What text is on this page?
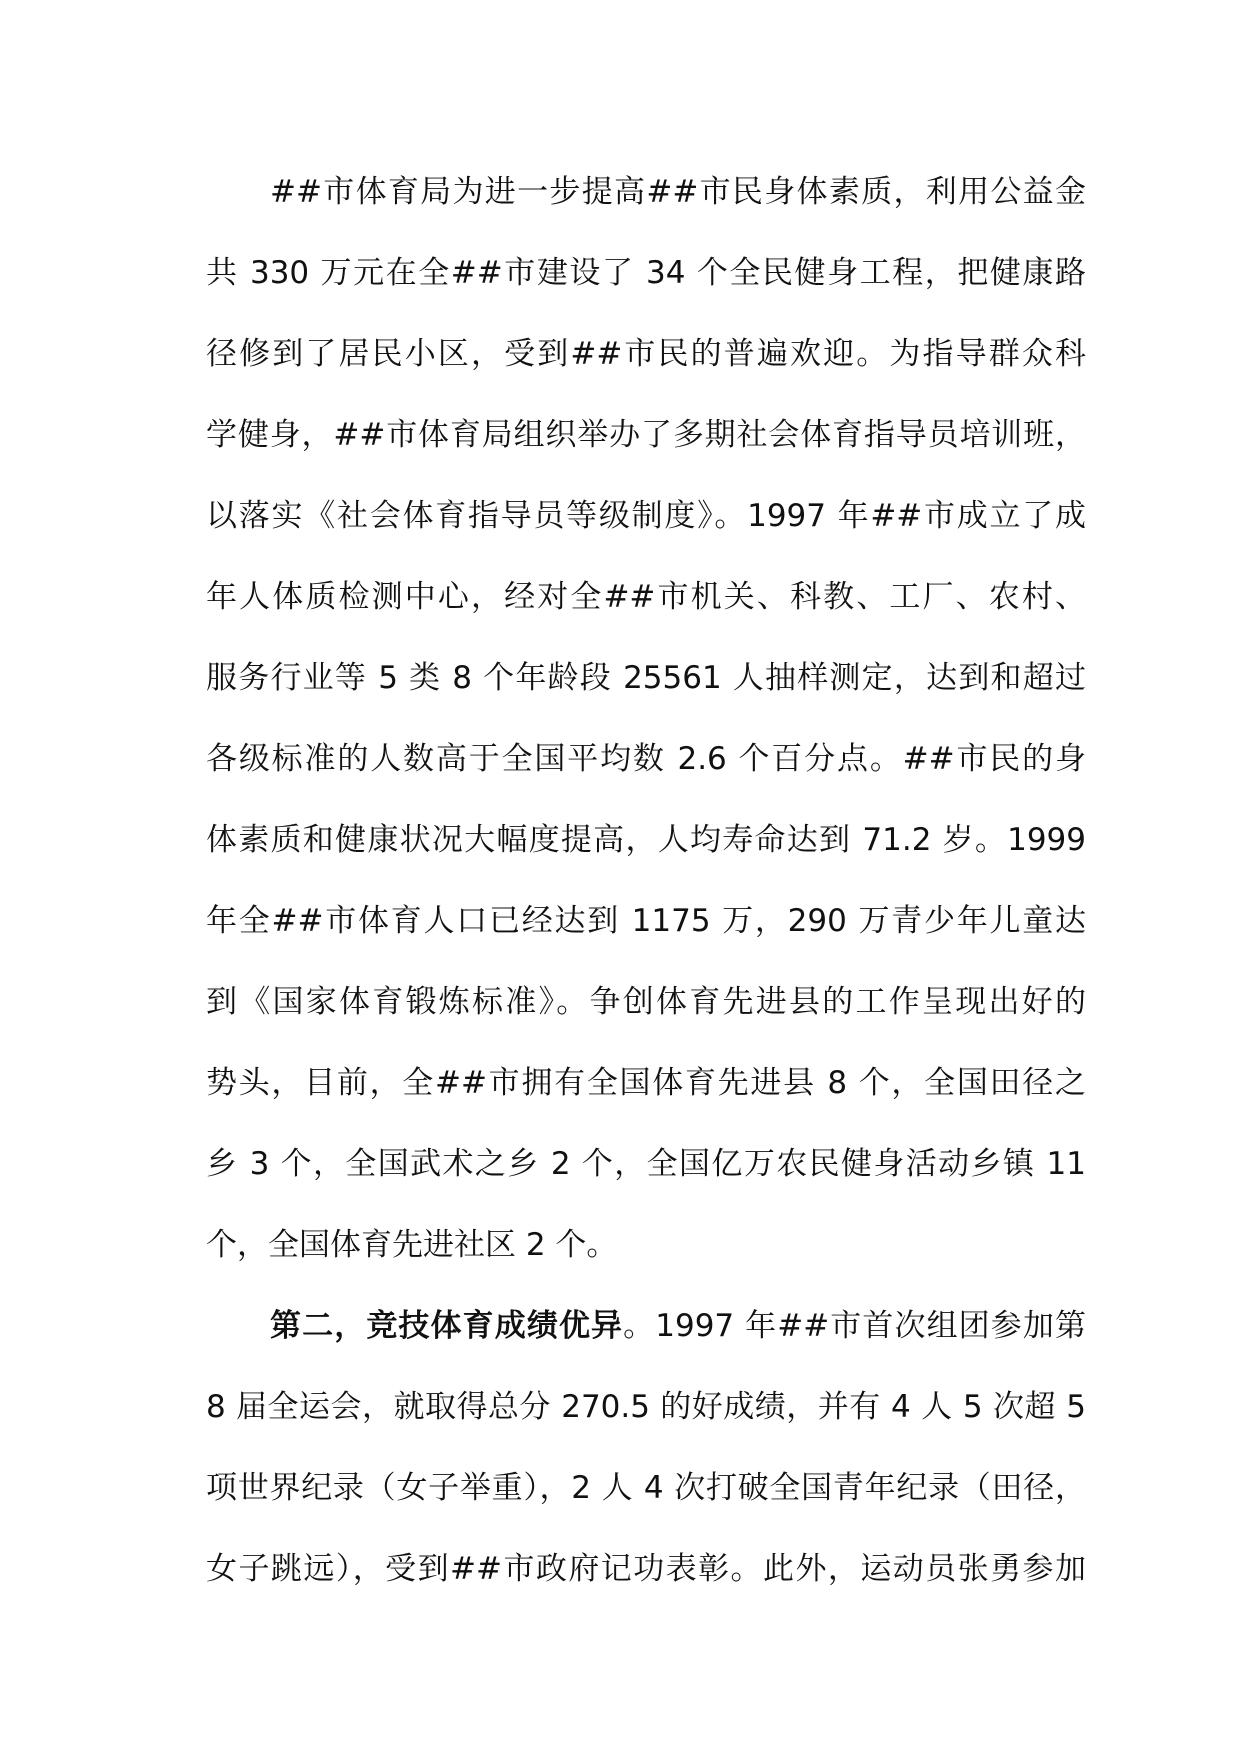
##市体育局为进一步提高##市民身体素质，利用公益金
共 330 万元在全##市建设了 34 个全民健身工程，把健康路
径修到了居民小区，受到##市民的普遍欢迎。为指导群众科
学健身，##市体育局组织举办了多期社会体育指导员培训班，
以落实《社会体育指导员等级制度》。1997 年##市成立了成
年人体质检测中心，经对全##市机关、科教、工厂、农村、
服务行业等 5 类 8 个年龄段 25561 人抽样测定，达到和超过
各级标准的人数高于全国平均数 2.6 个百分点。##市民的身
体素质和健康状况大幅度提高，人均寿命达到 71.2 岁。1999
年全##市体育人口已经达到 1175 万，290 万青少年儿童达
到《国家体育锻炼标准》。争创体育先进县的工作呈现出好的
势头，目前，全##市拥有全国体育先进县 8 个，全国田径之
乡 3 个，全国武术之乡 2 个，全国亿万农民健身活动乡镇 11
个，全国体育先进社区 2 个。
第二，竞技体育成绩优异。1997 年##市首次组团参加第
8 届全运会，就取得总分 270.5 的好成绩，并有 4 人 5 次超 5
项世界纪录（女子举重），2 人 4 次打破全国青年纪录（田径，
女子跳远），受到##市政府记功表彰。此外，运动员张勇参加
